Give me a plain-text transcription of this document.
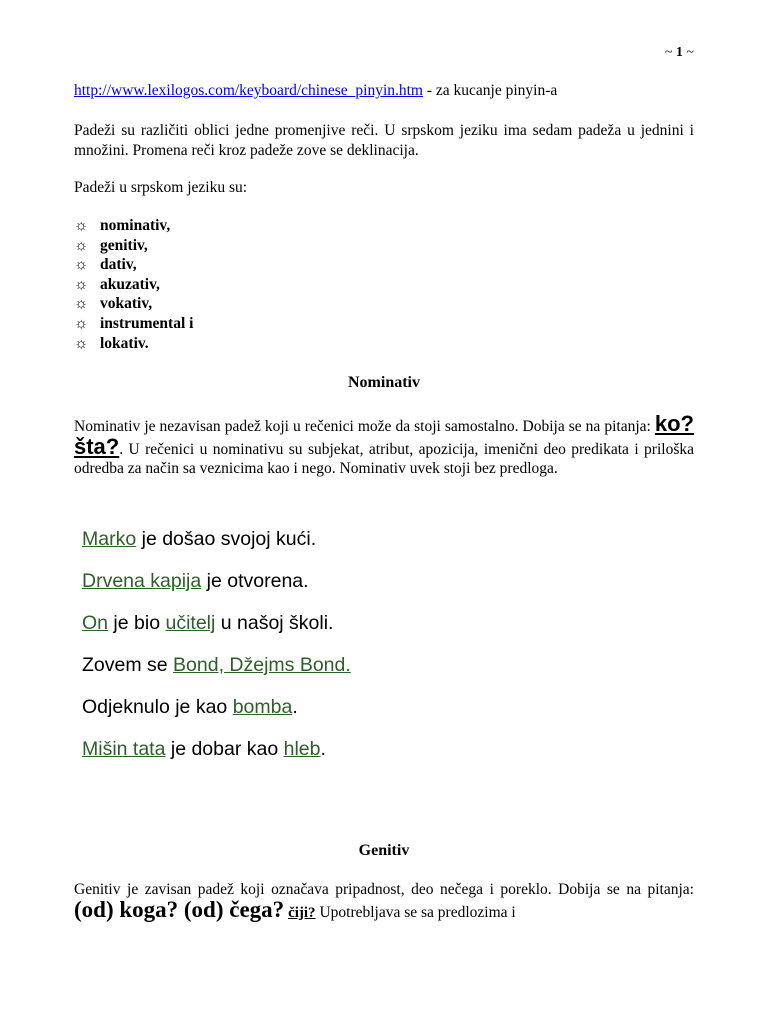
~ 1 ~
http://www.lexilogos.com/keyboard/chinese_pinyin.htm - za kucanje pinyin-a
Padeži su različiti oblici jedne promenjive reči. U srpskom jeziku ima sedam padeža u jednini i množini. Promena reči kroz padeže zove se deklinacija.
Padeži u srpskom jeziku su:
☼ nominativ,
☼ genitiv,
☼ dativ,
☼ akuzativ,
☼ vokativ,
☼ instrumental i
☼ lokativ.
Nominativ
Nominativ je nezavisan padež koji u rečenici može da stoji samostalno. Dobija se na pitanja: ko? šta?. U rečenici u nominativu su subjekat, atribut, apozicija, imenični deo predikata i priloška odredba za način sa veznicima kao i nego. Nominativ uvek stoji bez predloga.
Marko je došao svojoj kući.
Drvena kapija je otvorena.
On je bio učitelj u našoj školi.
Zovem se Bond, Džejms Bond.
Odjeknulo je kao bomba.
Mišin tata je dobar kao hleb.
Genitiv
Genitiv je zavisan padež koji označava pripadnost, deo nečega i poreklo. Dobija se na pitanja: (od) koga? (od) čega? čiji? Upotrebljava se sa predlozima i
